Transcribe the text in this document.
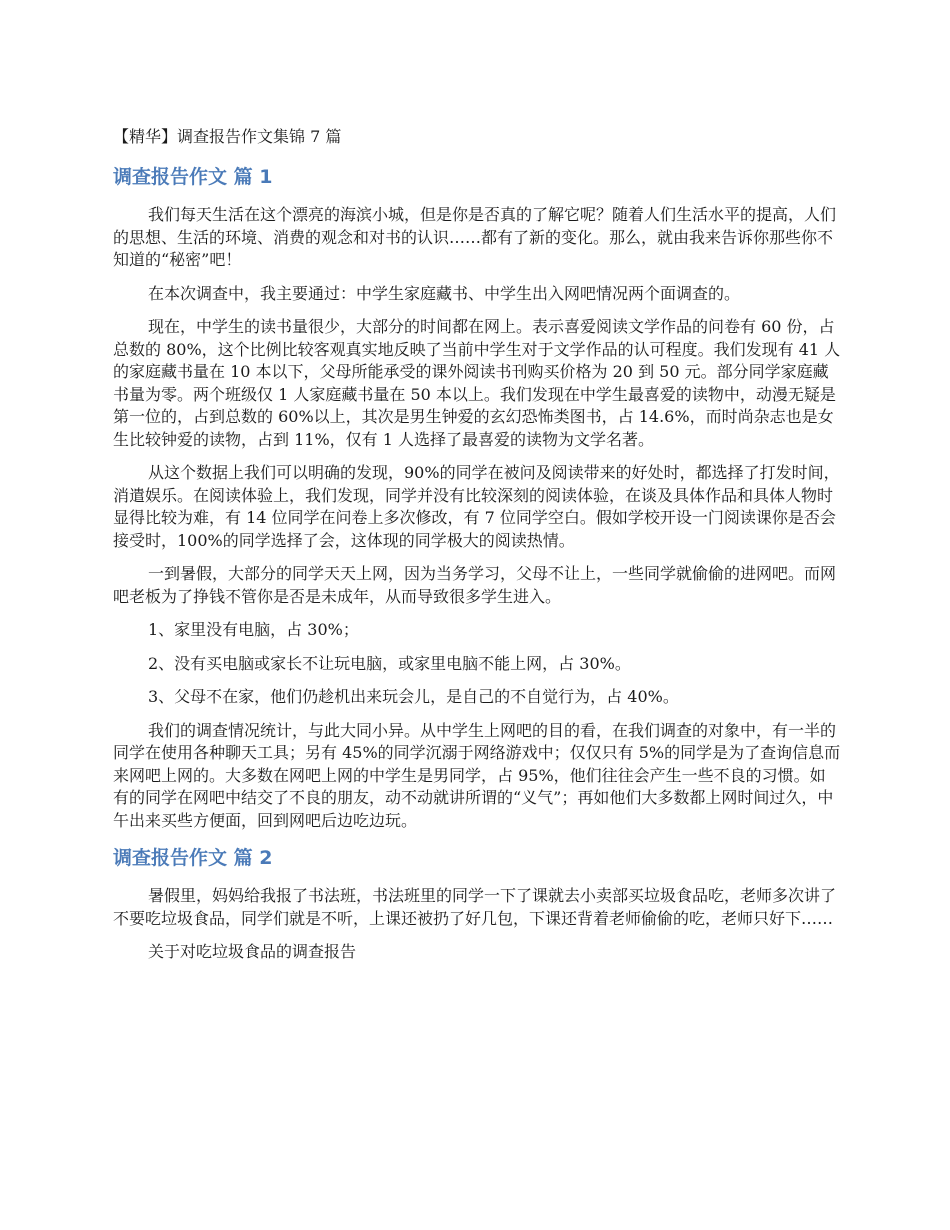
【精华】调查报告作文集锦 7 篇

调查报告作文 篇 1

我们每天生活在这个漂亮的海滨小城，但是你是否真的了解它呢？随着人们生活水平的提高，人们的思想、生活的环境、消费的观念和对书的认识……都有了新的变化。那么，就由我来告诉你那些你不知道的“秘密”吧！

在本次调查中，我主要通过：中学生家庭藏书、中学生出入网吧情况两个面调查的。

现在，中学生的读书量很少，大部分的时间都在网上。表示喜爱阅读文学作品的问卷有 60 份，占总数的 80%，这个比例比较客观真实地反映了当前中学生对于文学作品的认可程度。我们发现有 41 人的家庭藏书量在 10 本以下，父母所能承受的课外阅读书刊购买价格为 20 到 50 元。部分同学家庭藏书量为零。两个班级仅 1 人家庭藏书量在 50 本以上。我们发现在中学生最喜爱的读物中，动漫无疑是第一位的，占到总数的 60%以上，其次是男生钟爱的玄幻恐怖类图书，占 14.6%，而时尚杂志也是女生比较钟爱的读物，占到 11%，仅有 1 人选择了最喜爱的读物为文学名著。

从这个数据上我们可以明确的发现，90%的同学在被问及阅读带来的好处时，都选择了打发时间，消遣娱乐。在阅读体验上，我们发现，同学并没有比较深刻的阅读体验，在谈及具体作品和具体人物时显得比较为难，有 14 位同学在问卷上多次修改，有 7 位同学空白。假如学校开设一门阅读课你是否会接受时，100%的同学选择了会，这体现的同学极大的阅读热情。

一到暑假，大部分的同学天天上网，因为当务学习，父母不让上，一些同学就偷偷的进网吧。而网吧老板为了挣钱不管你是否是未成年，从而导致很多学生进入。

1、家里没有电脑，占 30%；

2、没有买电脑或家长不让玩电脑，或家里电脑不能上网，占 30%。

3、父母不在家，他们仍趁机出来玩会儿，是自己的不自觉行为，占 40%。

我们的调查情况统计，与此大同小异。从中学生上网吧的目的看，在我们调查的对象中，有一半的同学在使用各种聊天工具；另有 45%的同学沉溺于网络游戏中；仅仅只有 5%的同学是为了查询信息而来网吧上网的。大多数在网吧上网的中学生是男同学，占 95%，他们往往会产生一些不良的习惯。如有的同学在网吧中结交了不良的朋友，动不动就讲所谓的“义气”；再如他们大多数都上网时间过久，中午出来买些方便面，回到网吧后边吃边玩。

调查报告作文 篇 2

暑假里，妈妈给我报了书法班，书法班里的同学一下了课就去小卖部买垃圾食品吃，老师多次讲了不要吃垃圾食品，同学们就是不听，上课还被扔了好几包，下课还背着老师偷偷的吃，老师只好下……

关于对吃垃圾食品的调查报告
